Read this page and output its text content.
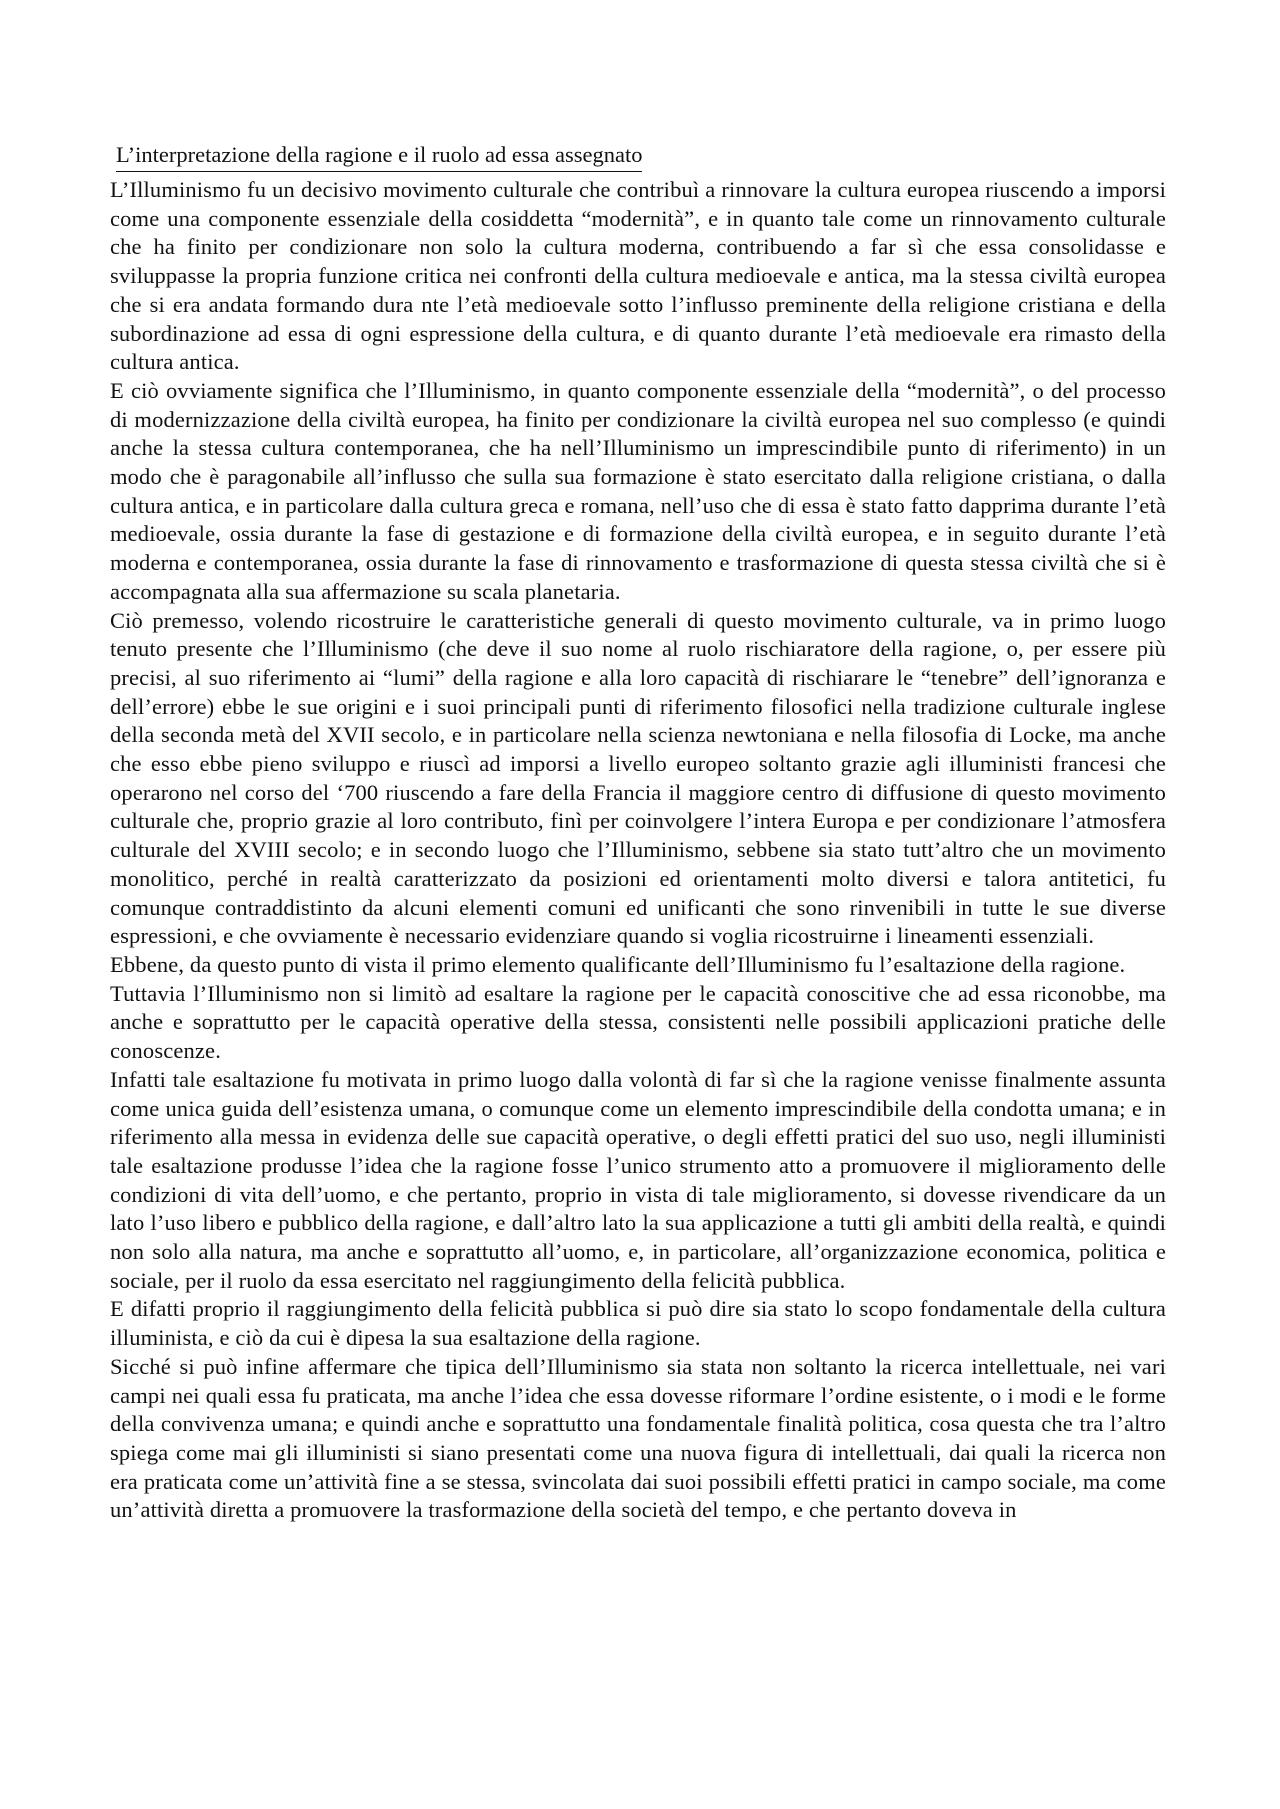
L’interpretazione della ragione e il ruolo ad essa assegnato

L’Illuminismo fu un decisivo movimento culturale che contribuì a rinnovare la cultura europea riuscendo a imporsi come una componente essenziale della cosiddetta “modernità”, e in quanto tale come un rinnovamento culturale che ha finito per condizionare non solo la cultura moderna, contribuendo a far sì che essa consolidasse e sviluppasse la propria funzione critica nei confronti della cultura medioevale e antica, ma la stessa civiltà europea che si era andata formando dura nte l’età medioevale sotto l’influsso preminente della religione cristiana e della subordinazione ad essa di ogni espressione della cultura, e di quanto durante l’età medioevale era rimasto della cultura antica.

E ciò ovviamente significa che l’Illuminismo, in quanto componente essenziale della “modernità”, o del processo di modernizzazione della civiltà europea, ha finito per condizionare la civiltà europea nel suo complesso (e quindi anche la stessa cultura contemporanea, che ha nell’Illuminismo un imprescindibile punto di riferimento) in un modo che è paragonabile all’influsso che sulla sua formazione è stato esercitato dalla religione cristiana, o dalla cultura antica, e in particolare dalla cultura greca e romana, nell’uso che di essa è stato fatto dapprima durante l’età medioevale, ossia durante la fase di gestazione e di formazione della civiltà europea, e in seguito durante l’età moderna e contemporanea, ossia durante la fase di rinnovamento e trasformazione di questa stessa civiltà che si è accompagnata alla sua affermazione su scala planetaria.

Ciò premesso, volendo ricostruire le caratteristiche generali di questo movimento culturale, va in primo luogo tenuto presente che l’Illuminismo (che deve il suo nome al ruolo rischiaratore della ragione, o, per essere più precisi, al suo riferimento ai “lumi” della ragione e alla loro capacità di rischiarare le “tenebre” dell’ignoranza e dell’errore) ebbe le sue origini e i suoi principali punti di riferimento filosofici nella tradizione culturale inglese della seconda metà del XVII secolo, e in particolare nella scienza newtoniana e nella filosofia di Locke, ma anche che esso ebbe pieno sviluppo e riuscì ad imporsi a livello europeo soltanto grazie agli illuministi francesi che operarono nel corso del ‘700 riuscendo a fare della Francia il maggiore centro di diffusione di questo movimento culturale che, proprio grazie al loro contributo, finì per coinvolgere l’intera Europa e per condizionare l’atmosfera culturale del XVIII secolo; e in secondo luogo che l’Illuminismo, sebbene sia stato tutt’altro che un movimento monolitico, perché in realtà caratterizzato da posizioni ed orientamenti molto diversi e talora antitetici, fu comunque contraddistinto da alcuni elementi comuni ed unificanti che sono rinvenibili in tutte le sue diverse espressioni, e che ovviamente è necessario evidenziare quando si voglia ricostruirne i lineamenti essenziali.

Ebbene, da questo punto di vista il primo elemento qualificante dell’Illuminismo fu l’esaltazione della ragione.

Tuttavia l’Illuminismo non si limitò ad esaltare la ragione per le capacità conoscitive che ad essa riconobbe, ma anche e soprattutto per le capacità operative della stessa, consistenti nelle possibili applicazioni pratiche delle conoscenze.

Infatti tale esaltazione fu motivata in primo luogo dalla volontà di far sì che la ragione venisse finalmente assunta come unica guida dell’esistenza umana, o comunque come un elemento imprescindibile della condotta umana; e in riferimento alla messa in evidenza delle sue capacità operative, o degli effetti pratici del suo uso, negli illuministi tale esaltazione produsse l’idea che la ragione fosse l’unico strumento atto a promuovere il miglioramento delle condizioni di vita dell’uomo, e che pertanto, proprio in vista di tale miglioramento, si dovesse rivendicare da un lato l’uso libero e pubblico della ragione, e dall’altro lato la sua applicazione a tutti gli ambiti della realtà, e quindi non solo alla natura, ma anche e soprattutto all’uomo, e, in particolare, all’organizzazione economica, politica e sociale, per il ruolo da essa esercitato nel raggiungimento della felicità pubblica.

E difatti proprio il raggiungimento della felicità pubblica si può dire sia stato lo scopo fondamentale della cultura illuminista, e ciò da cui è dipesa la sua esaltazione della ragione.

Sicché si può infine affermare che tipica dell’Illuminismo sia stata non soltanto la ricerca intellettuale, nei vari campi nei quali essa fu praticata, ma anche l’idea che essa dovesse riformare l’ordine esistente, o i modi e le forme della convivenza umana; e quindi anche e soprattutto una fondamentale finalità politica, cosa questa che tra l’altro spiega come mai gli illuministi si siano presentati come una nuova figura di intellettuali, dai quali la ricerca non era praticata come un’attività fine a se stessa, svincolata dai suoi possibili effetti pratici in campo sociale, ma come un’attività diretta a promuovere la trasformazione della società del tempo, e che pertanto doveva in
